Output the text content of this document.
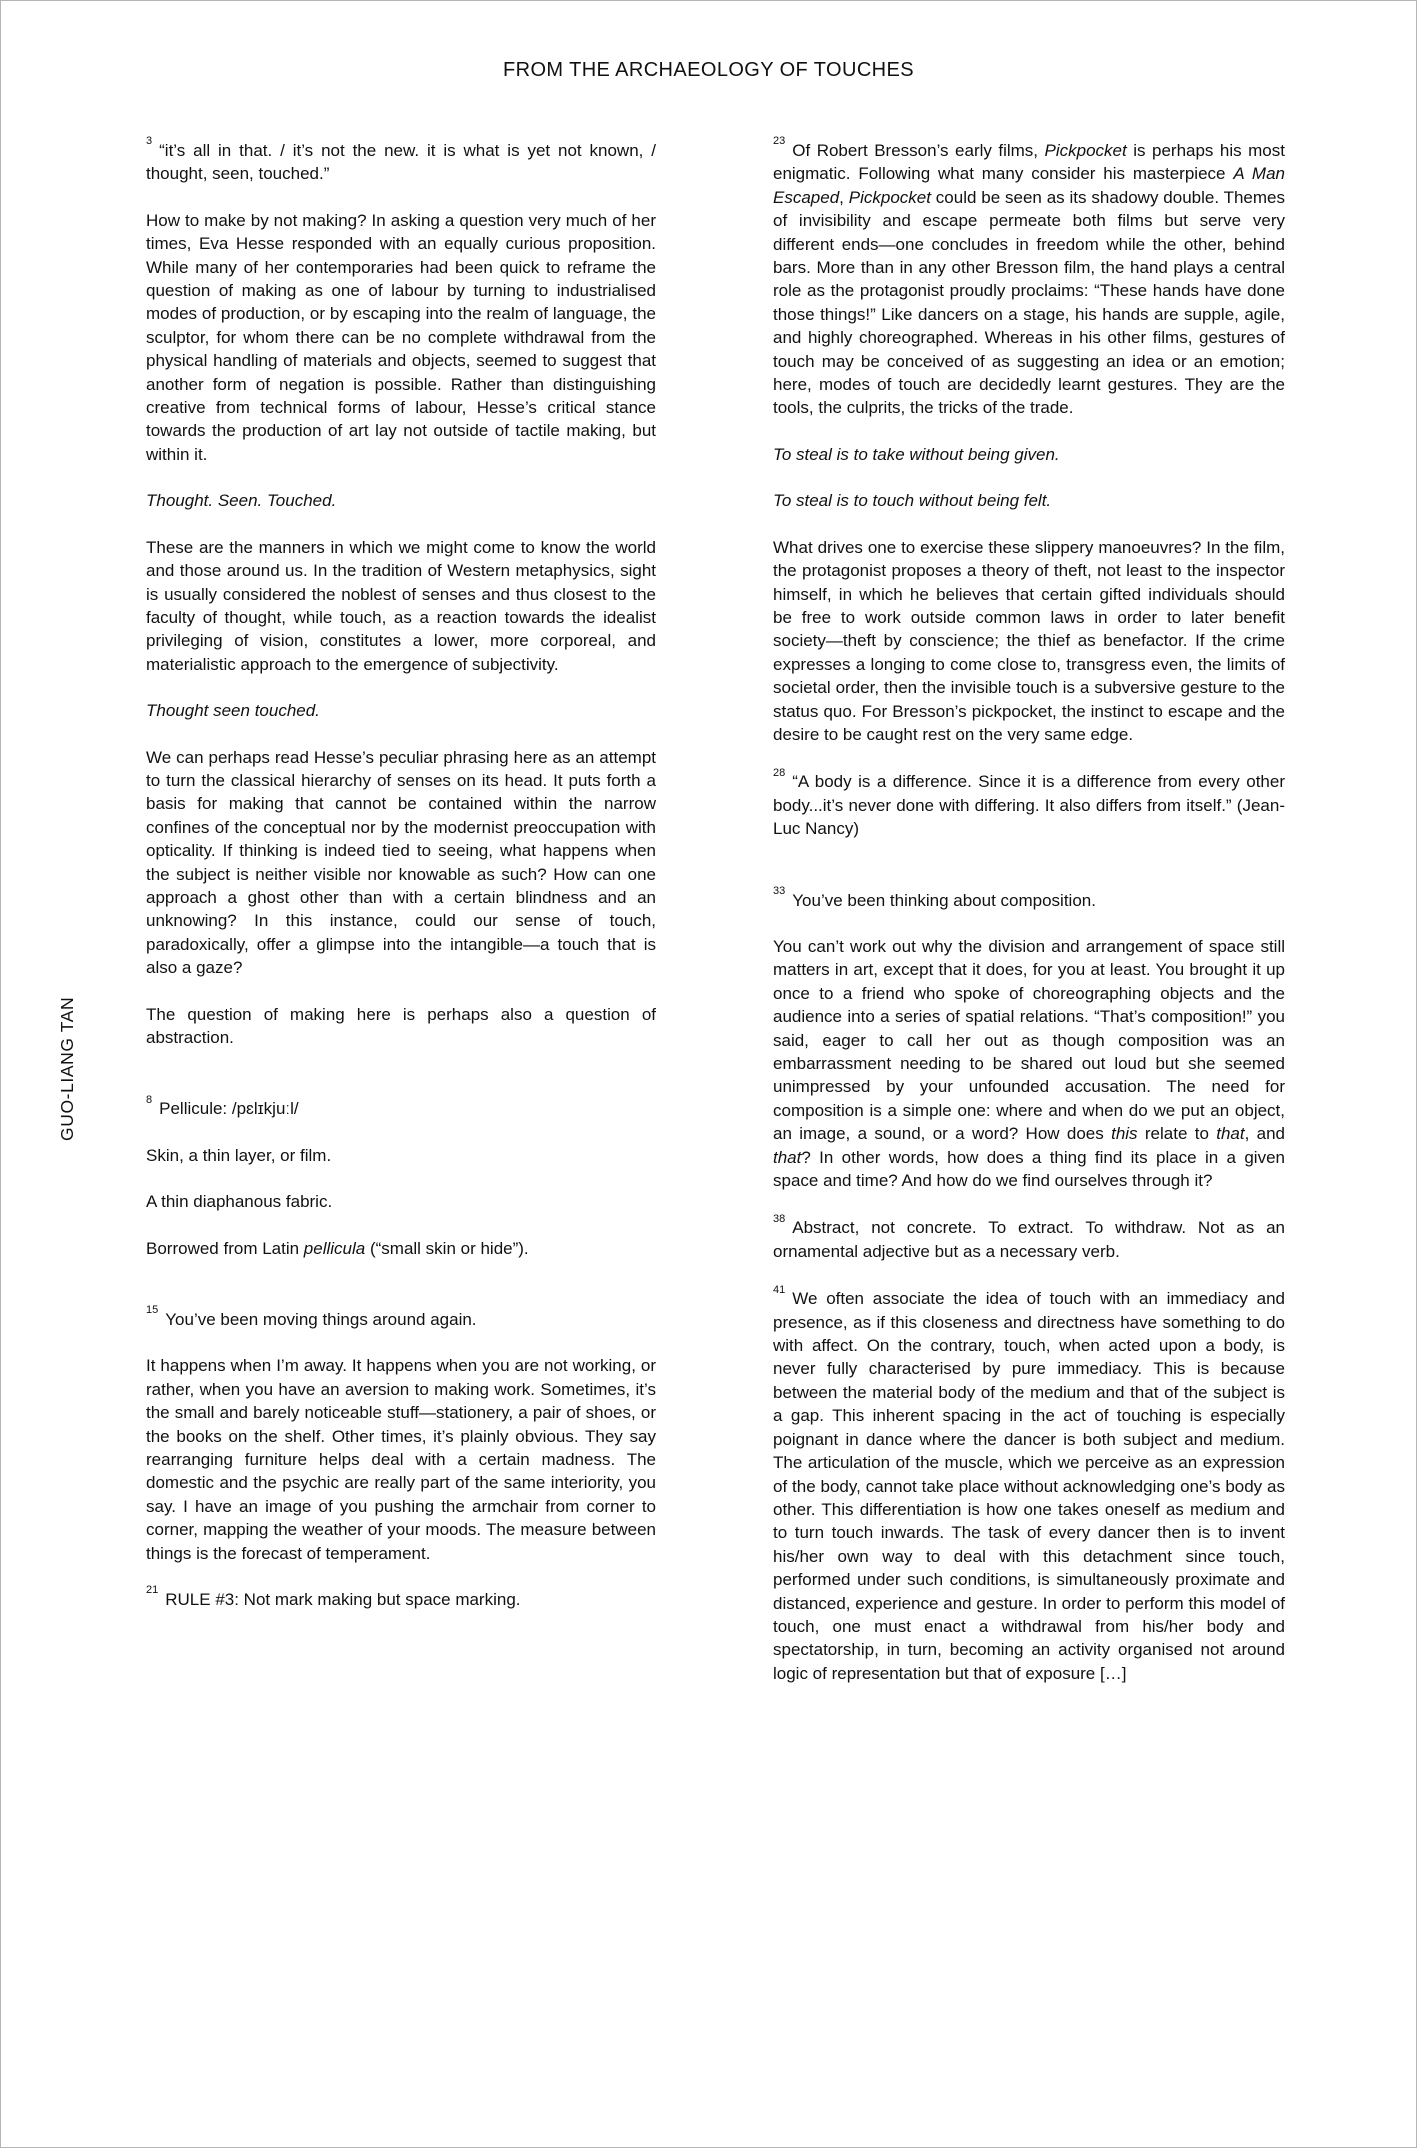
FROM THE ARCHAEOLOGY OF TOUCHES
GUO-LIANG TAN

$^3$ “it’s all in that. / it’s not the new. it is what is yet not known, / thought, seen, touched.”

How to make by not making? In asking a question very much of her times, Eva Hesse responded with an equally curious proposition. While many of her contemporaries had been quick to reframe the question of making as one of labour by turning to industrialised modes of production, or by escaping into the realm of language, the sculptor, for whom there can be no complete withdrawal from the physical handling of materials and objects, seemed to suggest that another form of negation is possible. Rather than distinguishing creative from technical forms of labour, Hesse’s critical stance towards the production of art lay not outside of tactile making, but within it.

Thought. Seen. Touched.

These are the manners in which we might come to know the world and those around us. In the tradition of Western metaphysics, sight is usually considered the noblest of senses and thus closest to the faculty of thought, while touch, as a reaction towards the idealist privileging of vision, constitutes a lower, more corporeal, and materialistic approach to the emergence of subjectivity.

Thought seen touched.

We can perhaps read Hesse’s peculiar phrasing here as an attempt to turn the classical hierarchy of senses on its head. It puts forth a basis for making that cannot be contained within the narrow confines of the conceptual nor by the modernist preoccupation with opticality. If thinking is indeed tied to seeing, what happens when the subject is neither visible nor knowable as such? How can one approach a ghost other than with a certain blindness and an unknowing? In this instance, could our sense of touch, paradoxically, offer a glimpse into the intangible—a touch that is also a gaze?

The question of making here is perhaps also a question of abstraction.

$^8$ Pellicule: /pɛlɪkjuːl/

Skin, a thin layer, or film.

A thin diaphanous fabric.

Borrowed from Latin pellicula (“small skin or hide”).

$^{15}$ You’ve been moving things around again.

It happens when I’m away. It happens when you are not working, or rather, when you have an aversion to making work. Sometimes, it’s the small and barely noticeable stuff—stationery, a pair of shoes, or the books on the shelf. Other times, it’s plainly obvious. They say rearranging furniture helps deal with a certain madness. The domestic and the psychic are really part of the same interiority, you say. I have an image of you pushing the armchair from corner to corner, mapping the weather of your moods. The measure between things is the forecast of temperament.

$^{21}$ RULE #3: Not mark making but space marking.

$^{23}$ Of Robert Bresson’s early films, Pickpocket is perhaps his most enigmatic. Following what many consider his masterpiece A Man Escaped, Pickpocket could be seen as its shadowy double. Themes of invisibility and escape permeate both films but serve very different ends—one concludes in freedom while the other, behind bars. More than in any other Bresson film, the hand plays a central role as the protagonist proudly proclaims: “These hands have done those things!” Like dancers on a stage, his hands are supple, agile, and highly choreographed. Whereas in his other films, gestures of touch may be conceived of as suggesting an idea or an emotion; here, modes of touch are decidedly learnt gestures. They are the tools, the culprits, the tricks of the trade.

To steal is to take without being given.

To steal is to touch without being felt.

What drives one to exercise these slippery manoeuvres? In the film, the protagonist proposes a theory of theft, not least to the inspector himself, in which he believes that certain gifted individuals should be free to work outside common laws in order to later benefit society—theft by conscience; the thief as benefactor. If the crime expresses a longing to come close to, transgress even, the limits of societal order, then the invisible touch is a subversive gesture to the status quo. For Bresson’s pickpocket, the instinct to escape and the desire to be caught rest on the very same edge.

$^{28}$ “A body is a difference. Since it is a difference from every other body...it’s never done with differing. It also differs from itself.” (Jean-Luc Nancy)

$^{33}$ You’ve been thinking about composition.

You can’t work out why the division and arrangement of space still matters in art, except that it does, for you at least. You brought it up once to a friend who spoke of choreographing objects and the audience into a series of spatial relations. “That’s composition!” you said, eager to call her out as though composition was an embarrassment needing to be shared out loud but she seemed unimpressed by your unfounded accusation. The need for composition is a simple one: where and when do we put an object, an image, a sound, or a word? How does this relate to that, and that? In other words, how does a thing find its place in a given space and time? And how do we find ourselves through it?

$^{38}$ Abstract, not concrete. To extract. To withdraw. Not as an ornamental adjective but as a necessary verb.

$^{41}$ We often associate the idea of touch with an immediacy and presence, as if this closeness and directness have something to do with affect. On the contrary, touch, when acted upon a body, is never fully characterised by pure immediacy. This is because between the material body of the medium and that of the subject is a gap. This inherent spacing in the act of touching is especially poignant in dance where the dancer is both subject and medium. The articulation of the muscle, which we perceive as an expression of the body, cannot take place without acknowledging one’s body as other. This differentiation is how one takes oneself as medium and to turn touch inwards. The task of every dancer then is to invent his/her own way to deal with this detachment since touch, performed under such conditions, is simultaneously proximate and distanced, experience and gesture. In order to perform this model of touch, one must enact a withdrawal from his/her body and spectatorship, in turn, becoming an activity organised not around logic of representation but that of exposure […]
